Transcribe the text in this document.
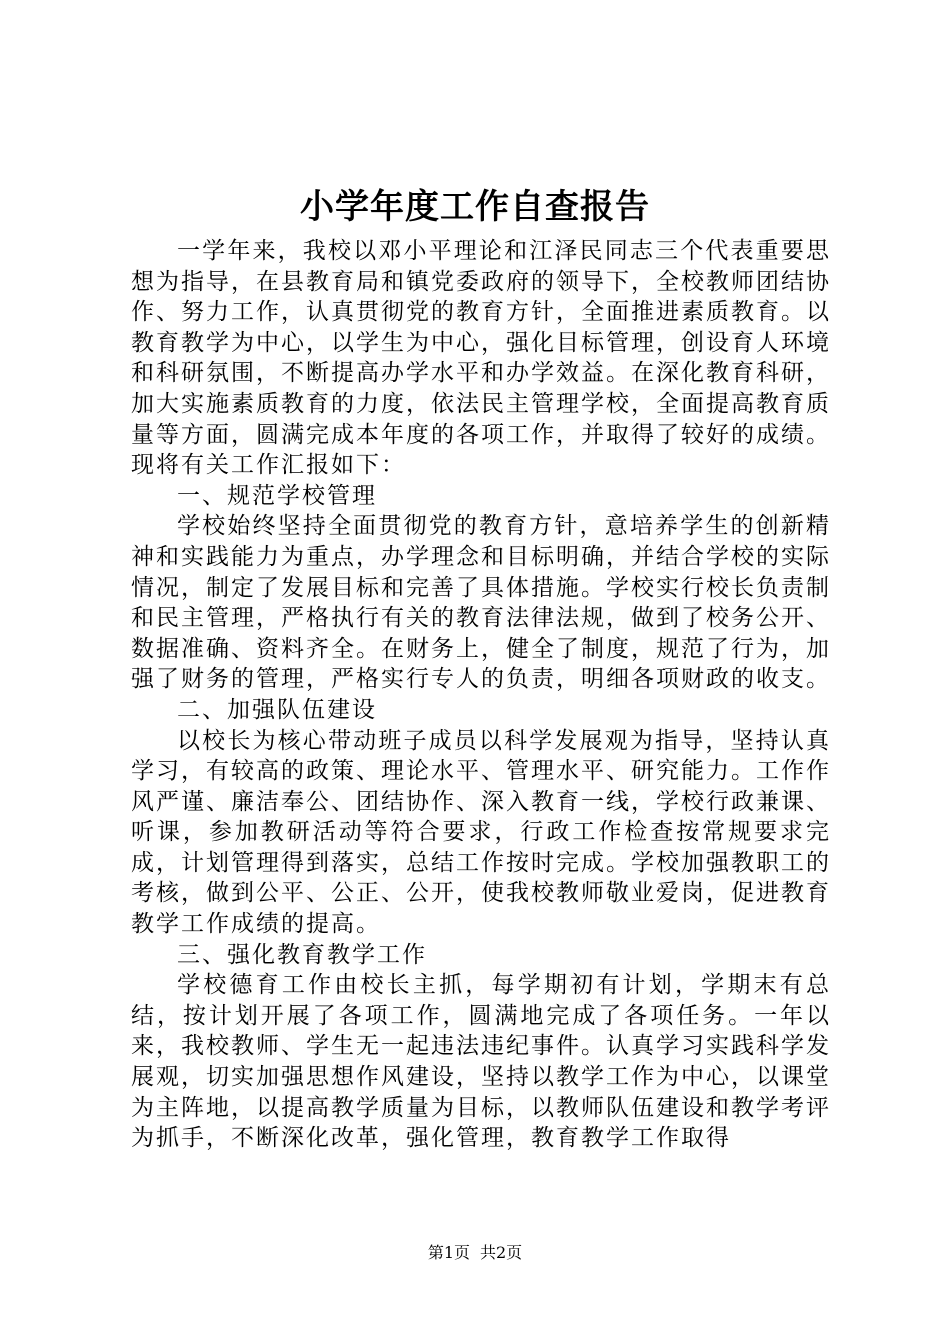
小学年度工作自查报告

一学年来，我校以邓小平理论和江泽民同志三个代表重要思想为指导，在县教育局和镇党委政府的领导下，全校教师团结协作、努力工作，认真贯彻党的教育方针，全面推进素质教育。以教育教学为中心，以学生为中心，强化目标管理，创设育人环境和科研氛围，不断提高办学水平和办学效益。在深化教育科研，加大实施素质教育的力度，依法民主管理学校，全面提高教育质量等方面，圆满完成本年度的各项工作，并取得了较好的成绩。现将有关工作汇报如下：

一、规范学校管理

学校始终坚持全面贯彻党的教育方针，意培养学生的创新精神和实践能力为重点，办学理念和目标明确，并结合学校的实际情况，制定了发展目标和完善了具体措施。学校实行校长负责制和民主管理，严格执行有关的教育法律法规，做到了校务公开、数据准确、资料齐全。在财务上，健全了制度，规范了行为，加强了财务的管理，严格实行专人的负责，明细各项财政的收支。

二、加强队伍建设

以校长为核心带动班子成员以科学发展观为指导，坚持认真学习，有较高的政策、理论水平、管理水平、研究能力。工作作风严谨、廉洁奉公、团结协作、深入教育一线，学校行政兼课、听课，参加教研活动等符合要求，行政工作检查按常规要求完成，计划管理得到落实，总结工作按时完成。学校加强教职工的考核，做到公平、公正、公开，使我校教师敬业爱岗，促进教育教学工作成绩的提高。

三、强化教育教学工作

学校德育工作由校长主抓，每学期初有计划，学期末有总结，按计划开展了各项工作，圆满地完成了各项任务。一年以来，我校教师、学生无一起违法违纪事件。认真学习实践科学发展观，切实加强思想作风建设，坚持以教学工作为中心，以课堂为主阵地，以提高教学质量为目标，以教师队伍建设和教学考评为抓手，不断深化改革，强化管理，教育教学工作取得

第1页 共2页
